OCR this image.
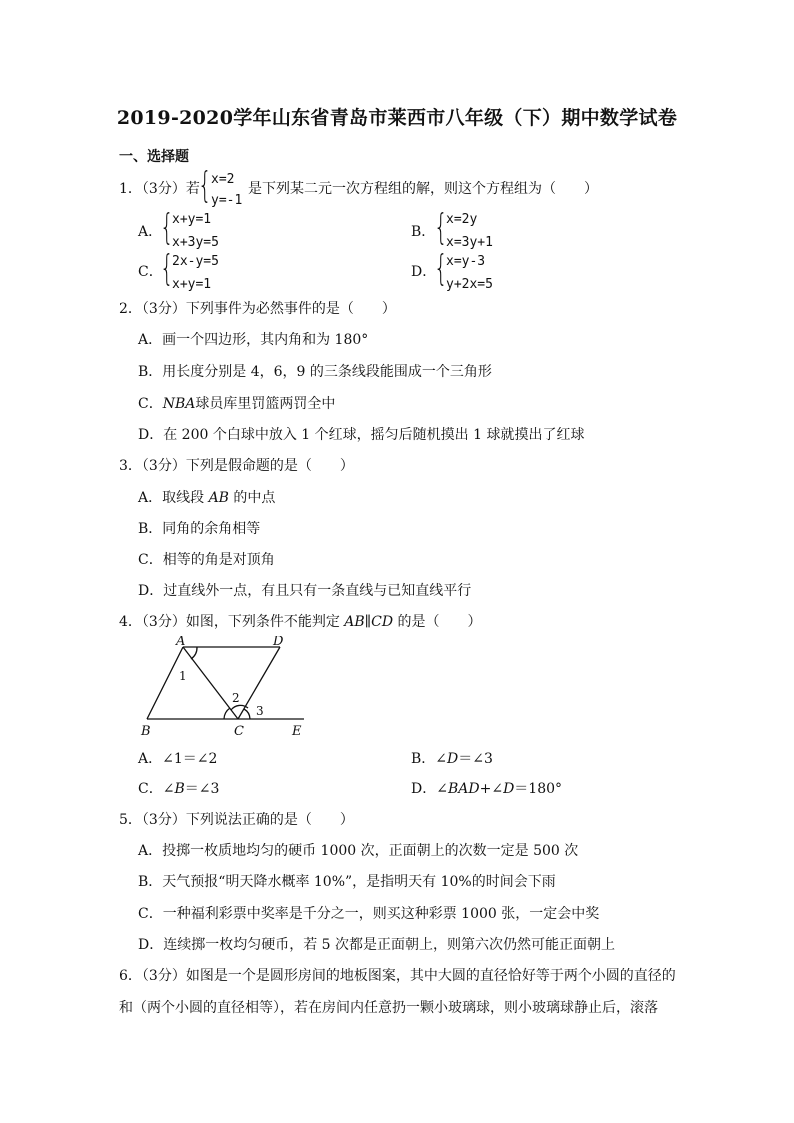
2019-2020学年山东省青岛市莱西市八年级（下）期中数学试卷
一、选择题
1．（3分）若
{ x=2
y=-1
是下列某二元一次方程组的解，则这个方程组为（　　）
A．
{
x+y=1
x+3y=5
B．
{
x=2y
x=3y+1
C．
{
2x-y=5
x+y=1
D．
{
x=y-3
y+2x=5
2．（3分）下列事件为必然事件的是（　　）
A．画一个四边形，其内角和为 180°
B．用长度分别是 4，6，9 的三条线段能围成一个三角形
C．NBA球员库里罚篮两罚全中
D．在 200 个白球中放入 1 个红球，摇匀后随机摸出 1 球就摸出了红球
3．（3分）下列是假命题的是（　　）
A．取线段 AB 的中点
B．同角的余角相等
C．相等的角是对顶角
D．过直线外一点，有且只有一条直线与已知直线平行
4．（3分）如图，下列条件不能判定 AB∥CD 的是（　　）
A	D
B	C	E
1
2
3
A．∠1＝∠2	B．∠D＝∠3
C．∠B＝∠3	D．∠BAD+∠D＝180°
5．（3分）下列说法正确的是（　　）
A．投掷一枚质地均匀的硬币 1000 次，正面朝上的次数一定是 500 次
B．天气预报“明天降水概率 10%”，是指明天有 10%的时间会下雨
C．一种福利彩票中奖率是千分之一，则买这种彩票 1000 张，一定会中奖
D．连续掷一枚均匀硬币，若 5 次都是正面朝上，则第六次仍然可能正面朝上
6．（3分）如图是一个是圆形房间的地板图案，其中大圆的直径恰好等于两个小圆的直径的
和（两个小圆的直径相等），若在房间内任意扔一颗小玻璃球，则小玻璃球静止后，滚落
